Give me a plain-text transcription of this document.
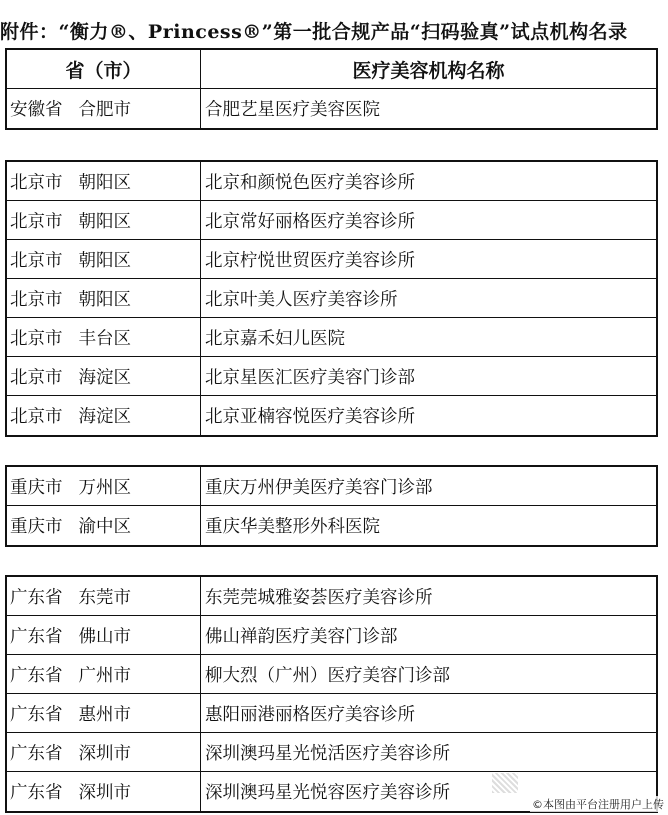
附件：“衡力®、Princess®”第一批合规产品“扫码验真”试点机构名录
省（市）	医疗美容机构名称
安徽省 合肥市	合肥艺星医疗美容医院
北京市 朝阳区	北京和颜悦色医疗美容诊所
北京市 朝阳区	北京常好丽格医疗美容诊所
北京市 朝阳区	北京柠悦世贸医疗美容诊所
北京市 朝阳区	北京叶美人医疗美容诊所
北京市 丰台区	北京嘉禾妇儿医院
北京市 海淀区	北京星医汇医疗美容门诊部
北京市 海淀区	北京亚楠容悦医疗美容诊所
重庆市 万州区	重庆万州伊美医疗美容门诊部
重庆市 渝中区	重庆华美整形外科医院
广东省 东莞市	东莞莞城雅姿荟医疗美容诊所
广东省 佛山市	佛山禅韵医疗美容门诊部
广东省 广州市	柳大烈（广州）医疗美容门诊部
广东省 惠州市	惠阳丽港丽格医疗美容诊所
广东省 深圳市	深圳澳玛星光悦活医疗美容诊所
广东省 深圳市	深圳澳玛星光悦容医疗美容诊所
©本图由平台注册用户上传
